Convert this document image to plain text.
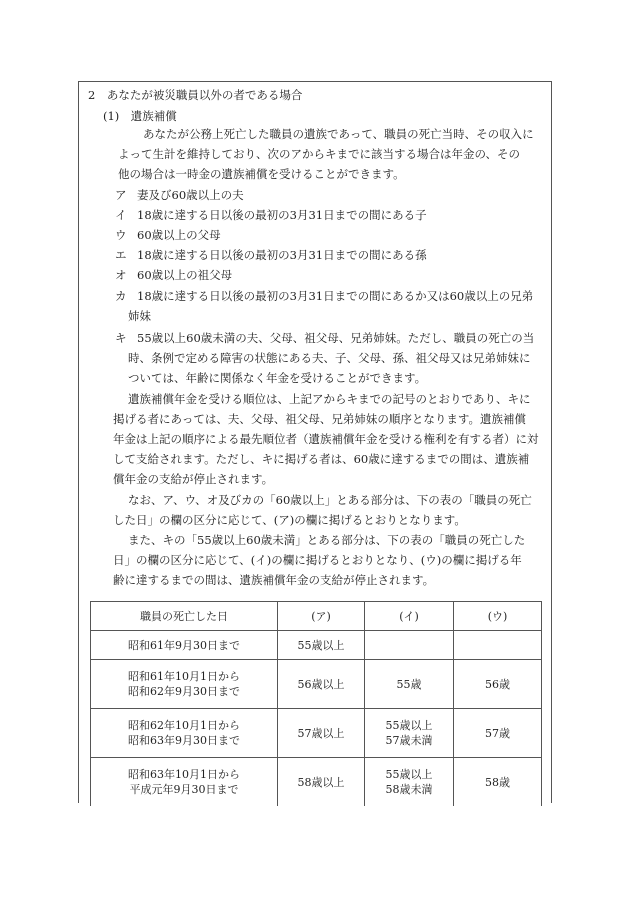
2　あなたが被災職員以外の者である場合
(1)　遺族補償
あなたが公務上死亡した職員の遺族であって、職員の死亡当時、その収入に
よって生計を維持しており、次のアからキまでに該当する場合は年金の、その
他の場合は一時金の遺族補償を受けることができます。
ア 妻及び60歳以上の夫
イ 18歳に達する日以後の最初の3月31日までの間にある子
ウ 60歳以上の父母
エ 18歳に達する日以後の最初の3月31日までの間にある孫
オ 60歳以上の祖父母
カ 18歳に達する日以後の最初の3月31日までの間にあるか又は60歳以上の兄弟
姉妹
キ 55歳以上60歳未満の夫、父母、祖父母、兄弟姉妹。ただし、職員の死亡の当
時、条例で定める障害の状態にある夫、子、父母、孫、祖父母又は兄弟姉妹に
ついては、年齢に関係なく年金を受けることができます。
遺族補償年金を受ける順位は、上記アからキまでの記号のとおりであり、キに
掲げる者にあっては、夫、父母、祖父母、兄弟姉妹の順序となります。遺族補償
年金は上記の順序による最先順位者（遺族補償年金を受ける権利を有する者）に対
して支給されます。ただし、キに掲げる者は、60歳に達するまでの間は、遺族補
償年金の支給が停止されます。
なお、ア、ウ、オ及びカの「60歳以上」とある部分は、下の表の「職員の死亡
した日」の欄の区分に応じて、(ア)の欄に掲げるとおりとなります。
また、キの「55歳以上60歳未満」とある部分は、下の表の「職員の死亡した
日」の欄の区分に応じて、(イ)の欄に掲げるとおりとなり、(ウ)の欄に掲げる年
齢に達するまでの間は、遺族補償年金の支給が停止されます。
職員の死亡した日	(ア)	(イ)	(ウ)
昭和61年9月30日まで	55歳以上		
昭和61年10月1日から
昭和62年9月30日まで	56歳以上	55歳	56歳
昭和62年10月1日から
昭和63年9月30日まで	57歳以上	55歳以上
57歳未満	57歳
昭和63年10月1日から
平成元年9月30日まで	58歳以上	55歳以上
58歳未満	58歳
